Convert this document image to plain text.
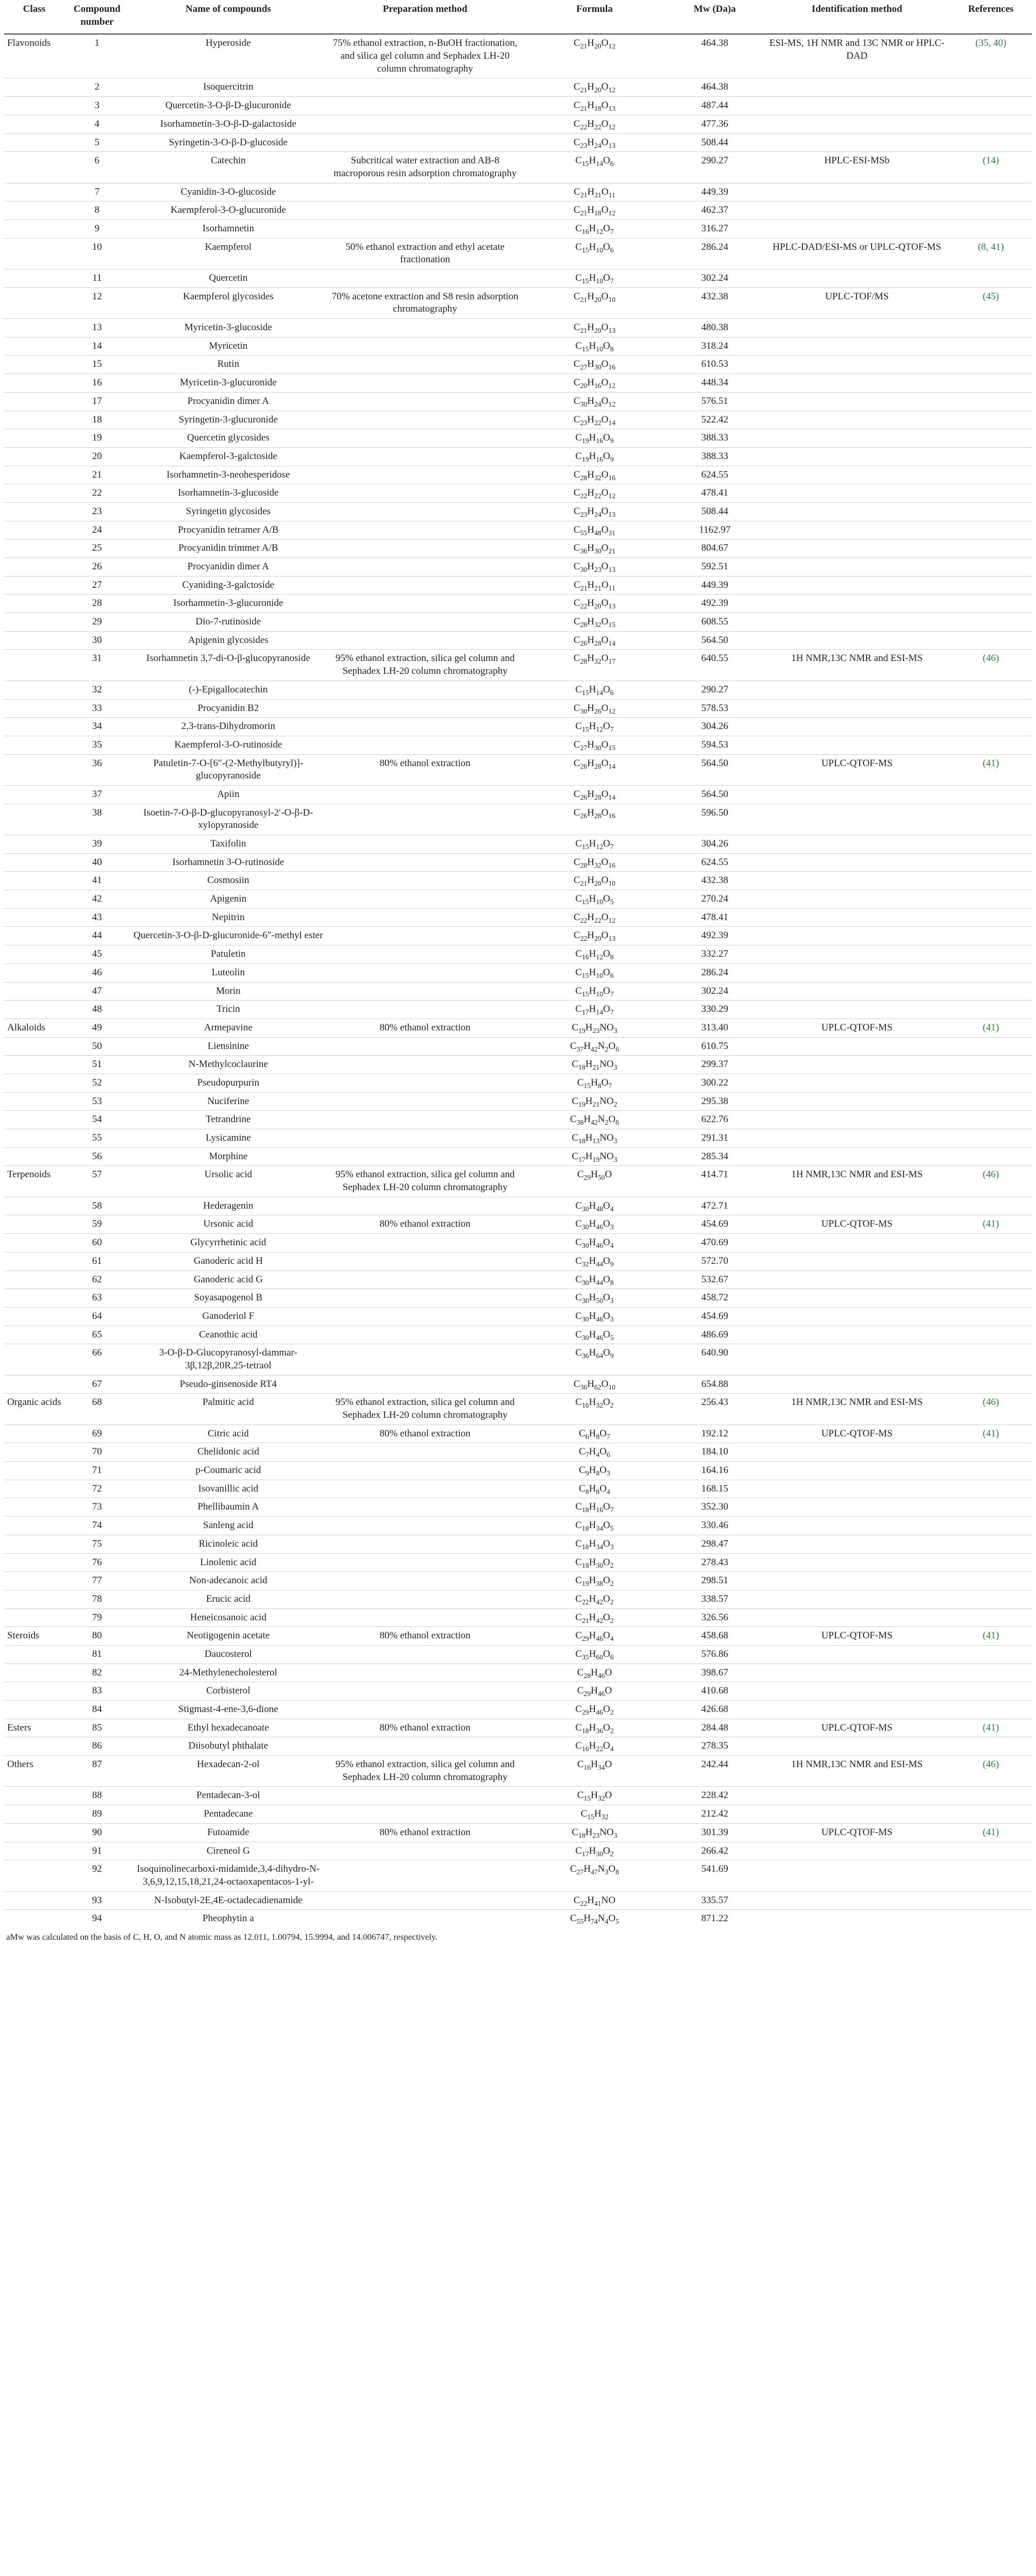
Class	Compound number	Name of compounds	Preparation method	Formula	Mw (Da)a	Identification method	References
Flavonoids	1	Hyperoside	75% ethanol extraction, n-BuOH fractionation, and silica gel column and Sephadex LH-20 column chromatography	$C_{21}H_{20}O_{12}$	464.38	ESI-MS, 1H NMR and 13C NMR or HPLC-DAD	(35, 40)
	2	Isoquercitrin		$C_{21}H_{20}O_{12}$	464.38		
	3	Quercetin-3-O-β-D-glucuronide		$C_{21}H_{18}O_{13}$	487.44		
	4	Isorhamnetin-3-O-β-D-galactoside		$C_{22}H_{22}O_{12}$	477.36		
	5	Syringetin-3-O-β-D-glucoside		$C_{23}H_{24}O_{13}$	508.44		
	6	Catechin	Subcritical water extraction and AB-8 macroporous resin adsorption chromatography	$C_{15}H_{14}O_6$	290.27	HPLC-ESI-MSb	(14)
	7	Cyanidin-3-O-glucoside		$C_{21}H_{21}O_{11}$	449.39		
	8	Kaempferol-3-O-glucuronide		$C_{21}H_{18}O_{12}$	462.37		
	9	Isorhamnetin		$C_{16}H_{12}O_7$	316.27		
	10	Kaempferol	50% ethanol extraction and ethyl acetate fractionation	$C_{15}H_{10}O_6$	286.24	HPLC-DAD/ESI-MS or UPLC-QTOF-MS	(8, 41)
	11	Quercetin		$C_{15}H_{10}O_7$	302.24		
	12	Kaempferol glycosides	70% acetone extraction and S8 resin adsorption chromatography	$C_{21}H_{20}O_{10}$	432.38	UPLC-TOF/MS	(45)
	13	Myricetin-3-glucoside		$C_{21}H_{20}O_{13}$	480.38		
	14	Myricetin		$C_{15}H_{10}O_8$	318.24		
	15	Rutin		$C_{27}H_{30}O_{16}$	610.53		
	16	Myricetin-3-glucuronide		$C_{20}H_{16}O_{12}$	448.34		
	17	Procyanidin dimer A		$C_{30}H_{24}O_{12}$	576.51		
	18	Syringetin-3-glucuronide		$C_{23}H_{22}O_{14}$	522.42		
	19	Quercetin glycosides		$C_{19}H_{16}O_9$	388.33		
	20	Kaempferol-3-galctoside		$C_{19}H_{16}O_9$	388.33		
	21	Isorhamnetin-3-neohesperidose		$C_{28}H_{32}O_{16}$	624.55		
	22	Isorhamnetin-3-glucoside		$C_{22}H_{22}O_{12}$	478.41		
	23	Syringetin glycosides		$C_{23}H_{24}O_{13}$	508.44		
	24	Procyanidin tetramer A/B		$C_{55}H_{48}O_{31}$	1162.97		
	25	Procyanidin trimmer A/B		$C_{36}H_{30}O_{21}$	804.67		
	26	Procyanidin dimer A		$C_{30}H_{23}O_{13}$	592.51		
	27	Cyaniding-3-galctoside		$C_{21}H_{21}O_{11}$	449.39		
	28	Isorhamnetin-3-glucuronide		$C_{22}H_{20}O_{13}$	492.39		
	29	Dio-7-rutinoside		$C_{28}H_{32}O_{15}$	608.55		
	30	Apigenin glycosides		$C_{26}H_{28}O_{14}$	564.50		
	31	Isorhamnetin 3,7-di-O-β-glucopyranoside	95% ethanol extraction, silica gel column and Sephadex LH-20 column chromatography	$C_{28}H_{32}O_{17}$	640.55	1H NMR,13C NMR and ESI-MS	(46)
	32	(-)-Epigallocatechin		$C_{15}H_{14}O_6$	290.27		
	33	Procyanidin B2		$C_{30}H_{26}O_{12}$	578.53		
	34	2,3-trans-Dihydromorin		$C_{15}H_{12}O_7$	304.26		
	35	Kaempferol-3-O-rutinoside		$C_{27}H_{30}O_{15}$	594.53		
	36	Patuletin-7-O-[6″-(2-Methylbutyryl)]-glucopyranoside	80% ethanol extraction	$C_{26}H_{28}O_{14}$	564.50	UPLC-QTOF-MS	(41)
	37	Apiin		$C_{26}H_{28}O_{14}$	564.50		
	38	Isoetin-7-O-β-D-glucopyranosyl-2′-O-β-D-xylopyranoside		$C_{26}H_{28}O_{16}$	596.50		
	39	Taxifolin		$C_{15}H_{12}O_7$	304.26		
	40	Isorhamnetin 3-O-rutinoside		$C_{28}H_{32}O_{16}$	624.55		
	41	Cosmosiin		$C_{21}H_{20}O_{10}$	432.38		
	42	Apigenin		$C_{15}H_{10}O_5$	270.24		
	43	Nepitrin		$C_{22}H_{22}O_{12}$	478.41		
	44	Quercetin-3-O-β-D-glucuronide-6″-methyl ester		$C_{22}H_{20}O_{13}$	492.39		
	45	Patuletin		$C_{16}H_{12}O_8$	332.27		
	46	Luteolin		$C_{15}H_{10}O_6$	286.24		
	47	Morin		$C_{15}H_{10}O_7$	302.24		
	48	Tricin		$C_{17}H_{14}O_7$	330.29		
Alkaloids	49	Armepavine	80% ethanol extraction	$C_{19}H_{23}NO_3$	313.40	UPLC-QTOF-MS	(41)
	50	Liensinine		$C_{37}H_{42}N_2O_6$	610.75		
	51	N-Methylcoclaurine		$C_{18}H_{21}NO_3$	299.37		
	52	Pseudopurpurin		$C_{15}H_8O_7$	300.22		
	53	Nuciferine		$C_{19}H_{21}NO_2$	295.38		
	54	Tetrandrine		$C_{38}H_{42}N_2O_6$	622.76		
	55	Lysicamine		$C_{18}H_{13}NO_3$	291.31		
	56	Morphine		$C_{17}H_{19}NO_3$	285.34		
Terpenoids	57	Ursolic acid	95% ethanol extraction, silica gel column and Sephadex LH-20 column chromatography	$C_{29}H_{50}O$	414.71	1H NMR,13C NMR and ESI-MS	(46)
	58	Hederagenin		$C_{30}H_{48}O_4$	472.71		
	59	Ursonic acid	80% ethanol extraction	$C_{30}H_{46}O_3$	454.69	UPLC-QTOF-MS	(41)
	60	Glycyrrhetinic acid		$C_{30}H_{46}O_4$	470.69		
	61	Ganoderic acid H		$C_{32}H_{44}O_9$	572.70		
	62	Ganoderic acid G		$C_{30}H_{44}O_8$	532.67		
	63	Soyasapogenol B		$C_{30}H_{50}O_3$	458.72		
	64	Ganoderiol F		$C_{30}H_{46}O_3$	454.69		
	65	Ceanothic acid		$C_{30}H_{46}O_5$	486.69		
	66	3-O-β-D-Glucopyranosyl-dammar-3β,12β,20R,25-tetraol		$C_{36}H_{64}O_9$	640.90		
	67	Pseudo-ginsenoside RT4		$C_{36}H_{62}O_{10}$	654.88		
Organic acids	68	Palmitic acid	95% ethanol extraction, silica gel column and Sephadex LH-20 column chromatography	$C_{16}H_{32}O_2$	256.43	1H NMR,13C NMR and ESI-MS	(46)
	69	Citric acid	80% ethanol extraction	$C_6H_8O_7$	192.12	UPLC-QTOF-MS	(41)
	70	Chelidonic acid		$C_7H_4O_6$	184.10		
	71	p-Coumaric acid		$C_9H_8O_3$	164.16		
	72	Isovanillic acid		$C_8H_8O_4$	168.15		
	73	Phellibaumin A		$C_{18}H_{16}O_7$	352.30		
	74	Sanleng acid		$C_{18}H_{34}O_5$	330.46		
	75	Ricinoleic acid		$C_{18}H_{34}O_3$	298.47		
	76	Linolenic acid		$C_{18}H_{30}O_2$	278.43		
	77	Non-adecanoic acid		$C_{19}H_{38}O_2$	298.51		
	78	Erucic acid		$C_{22}H_{42}O_2$	338.57		
	79	Heneicosanoic acid		$C_{21}H_{42}O_2$	326.56		
Steroids	80	Neotigogenin acetate	80% ethanol extraction	$C_{29}H_{46}O_4$	458.68	UPLC-QTOF-MS	(41)
	81	Daucosterol		$C_{35}H_{60}O_6$	576.86		
	82	24-Methylenecholesterol		$C_{28}H_{46}O$	398.67		
	83	Corbisterol		$C_{29}H_{46}O$	410.68		
	84	Stigmast-4-ene-3,6-dione		$C_{29}H_{46}O_2$	426.68		
Esters	85	Ethyl hexadecanoate	80% ethanol extraction	$C_{18}H_{36}O_2$	284.48	UPLC-QTOF-MS	(41)
	86	Diisobutyl phthalate		$C_{16}H_{22}O_4$	278.35		
Others	87	Hexadecan-2-ol	95% ethanol extraction, silica gel column and Sephadex LH-20 column chromatography	$C_{16}H_{34}O$	242.44	1H NMR,13C NMR and ESI-MS	(46)
	88	Pentadecan-3-ol		$C_{15}H_{32}O$	228.42		
	89	Pentadecane		$C_{15}H_{32}$	212.42		
	90	Futoamide	80% ethanol extraction	$C_{18}H_{23}NO_3$	301.39	UPLC-QTOF-MS	(41)
	91	Cireneol G		$C_{17}H_{30}O_2$	266.42		
	92	Isoquinolinecarboxi-midamide,3,4-dihydro-N-3,6,9,12,15,18,21,24-octaoxapentacos-1-yl-		$C_{27}H_{47}N_3O_8$	541.69		
	93	N-Isobutyl-2E,4E-octadecadienamide		$C_{22}H_{41}NO$	335.57		
	94	Pheophytin a		$C_{55}H_{74}N_4O_5$	871.22		
aMw was calculated on the basis of C, H, O, and N atomic mass as 12.011, 1.00794, 15.9994, and 14.006747, respectively.
